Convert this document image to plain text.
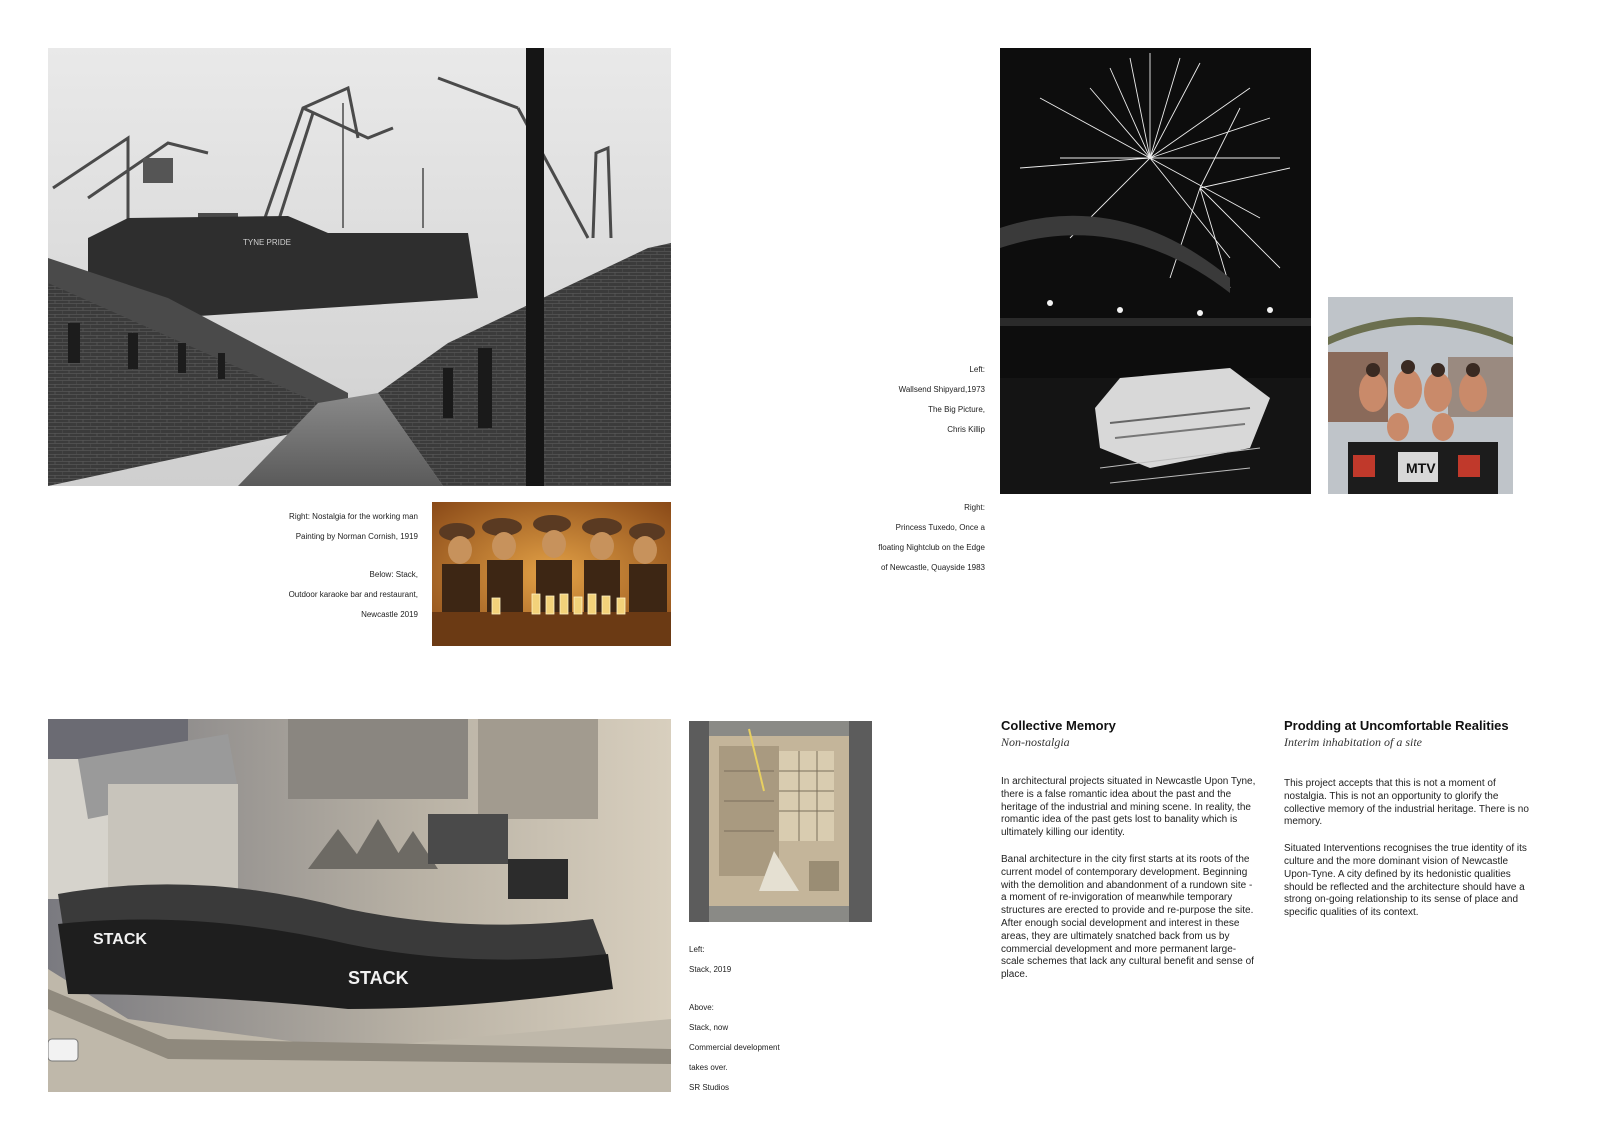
TYNE PRIDE
MTV
STACK
STACK

Right: Nostalgia for the working man

Painting by Norman Cornish, 1919

Below: Stack,

Outdoor karaoke bar and restaurant,

Newcastle 2019

Left:

Wallsend Shipyard,1973

The Big Picture,

Chris Killip

Right:

Princess Tuxedo, Once a

floating Nightclub on the Edge

of Newcastle, Quayside 1983

Left:

Stack, 2019

Above:

Stack, now

Commercial development

takes over.

SR Studios

Collective Memory
Non-nostalgia

In architectural projects situated in Newcastle Upon Tyne, there is a false romantic idea about the past and the heritage of the industrial and mining scene. In reality, the romantic idea of the past gets lost to banality which is ultimately killing our identity.

Banal architecture in the city first starts at its roots of the current model of contemporary development. Beginning with the demolition and abandonment of a rundown site - a moment of re-invigoration of meanwhile temporary structures are erected to provide and re-purpose the site. After enough social development and interest in these areas, they are ultimately snatched back from us by commercial development and more permanent large-scale schemes that lack any cultural benefit and sense of place.

Prodding at Uncomfortable Realities
Interim inhabitation of a site

This project accepts that this is not a moment of nostalgia. This is not an opportunity to glorify the collective memory of the industrial heritage. There is no memory.

Situated Interventions recognises the true identity of its culture and the more dominant vision of Newcastle Upon-Tyne. A city defined by its hedonistic qualities should be reflected and the architecture should have a strong on-going relationship to its sense of place and specific qualities of its context.
